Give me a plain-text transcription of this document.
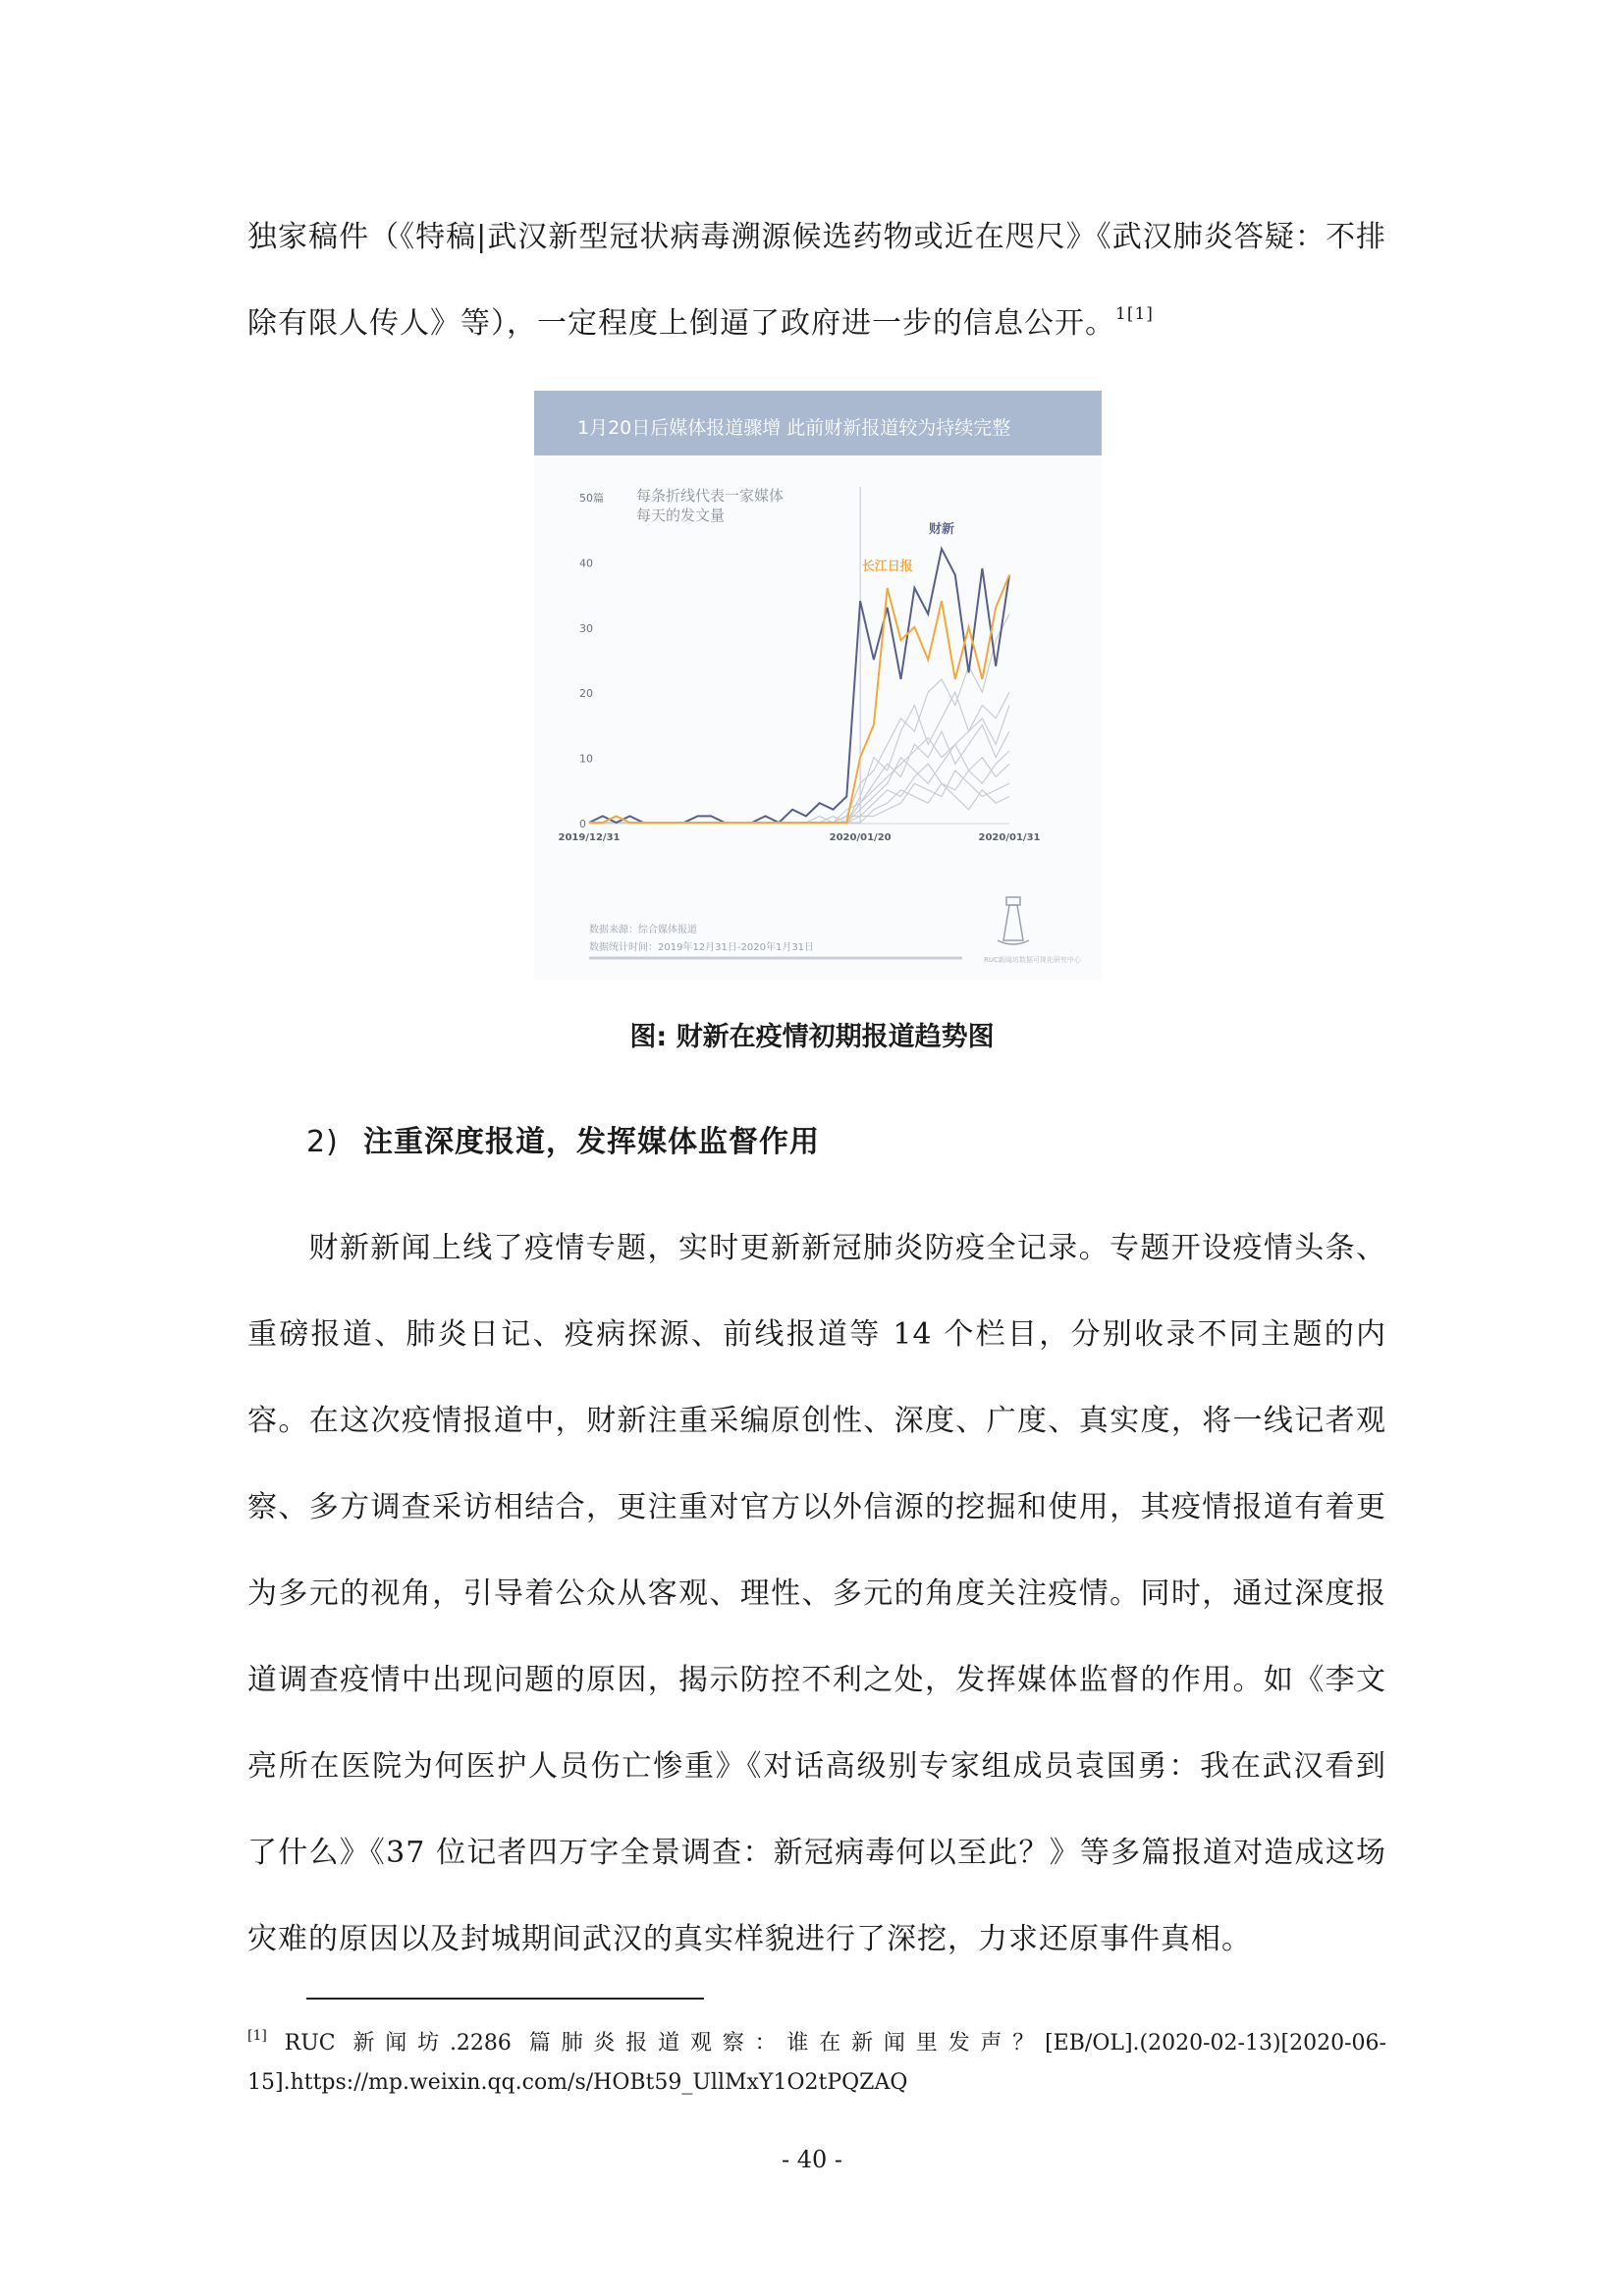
独家稿件（《特稿|武汉新型冠状病毒溯源候选药物或近在咫尺》《武汉肺炎答疑：不排除有限人传人》等），一定程度上倒逼了政府进一步的信息公开。$^{1[1]}$

1月20日后媒体报道骤增 此前财新报道较为持续完整
每条折线代表一家媒体
每天的发文量
50篇
40
30
20
10
0
2019/12/31	2020/01/20	2020/01/31
财新
长江日报
数据来源：综合媒体报道
数据统计时间：2019年12月31日-2020年1月31日
RUC新闻坊数据可视化研究中心

图: 财新在疫情初期报道趋势图

2) 注重深度报道，发挥媒体监督作用

财新新闻上线了疫情专题，实时更新新冠肺炎防疫全记录。专题开设疫情头条、重磅报道、肺炎日记、疫病探源、前线报道等 14 个栏目，分别收录不同主题的内容。在这次疫情报道中，财新注重采编原创性、深度、广度、真实度，将一线记者观察、多方调查采访相结合，更注重对官方以外信源的挖掘和使用，其疫情报道有着更为多元的视角，引导着公众从客观、理性、多元的角度关注疫情。同时，通过深度报道调查疫情中出现问题的原因，揭示防控不利之处，发挥媒体监督的作用。如《李文亮所在医院为何医护人员伤亡惨重》《对话高级别专家组成员袁国勇：我在武汉看到了什么》《37 位记者四万字全景调查：新冠病毒何以至此？》等多篇报道对造成这场灾难的原因以及封城期间武汉的真实样貌进行了深挖，力求还原事件真相。

[1] RUC 新闻坊.2286 篇肺炎报道观察：谁在新闻里发声？[EB/OL].(2020-02-13)[2020-06-15].https://mp.weixin.qq.com/s/HOBt59_UllMxY1O2tPQZAQ

- 40 -
